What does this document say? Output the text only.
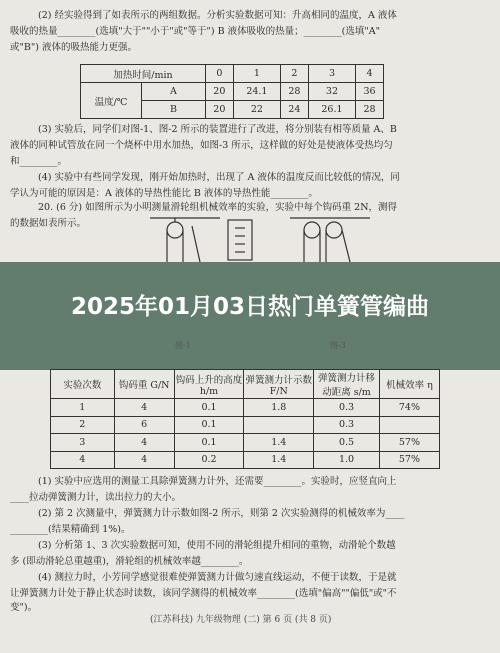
(2) 经实验得到了如表所示的两组数据。分析实验数据可知：升高相同的温度，A 液体
吸收的热量________(选填"大于""小于"或"等于") B 液体吸收的热量；________(选填"A"
或"B") 液体的吸热能力更强。
加热时间/min		0	1	2	3	4
温度/℃	A	20	24.1	28	32	36
	B	20	22	24	26.1	28
(3) 实验后，同学们对图-1、图-2 所示的装置进行了改进，将分别装有相等质量 A、B
液体的同种试管放在同一个烧杯中用水加热，如图-3 所示，这样做的好处是使液体受热均匀
和________。
(4) 实验中有些同学发现，刚开始加热时，出现了 A 液体的温度反而比较低的情况，同
学认为可能的原因是：A 液体的导热性能比 B 液体的导热性能________。
20. (6 分) 如图所示为小明测量滑轮组机械效率的实验，实验中每个钩码重 2N，测得
的数据如表所示。
2025年01月03日热门单簧管编曲
图-1	图-3
实验次数	钩码重 G/N	钩码上升的高度 h/m	弹簧测力计示数 F/N	弹簧测力计移动距离 s/m	机械效率 η
1	4	0.1	1.8	0.3	74%
2	6	0.1		0.3	
3	4	0.1	1.4	0.5	57%
4	4	0.2	1.4	1.0	57%
(1) 实验中应选用的测量工具除弹簧测力计外，还需要________。实验时，应竖直向上
____拉动弹簧测力计，读出拉力的大小。
(2) 第 2 次测量中，弹簧测力计示数如图-2 所示，则第 2 次实验测得的机械效率为____
________(结果精确到 1%)。
(3) 分析第 1、3 次实验数据可知，使用不同的滑轮组提升相同的重物，动滑轮个数越
多 (即动滑轮总重越重)，滑轮组的机械效率越________。
(4) 测拉力时，小芳同学感觉很难使弹簧测力计做匀速直线运动，不便于读数，于是就
让弹簧测力计处于静止状态时读数，该同学测得的机械效率________(选填"偏高""偏低"或"不
变")。
(江苏科技) 九年级物理 (二) 第 6 页 (共 8 页)
